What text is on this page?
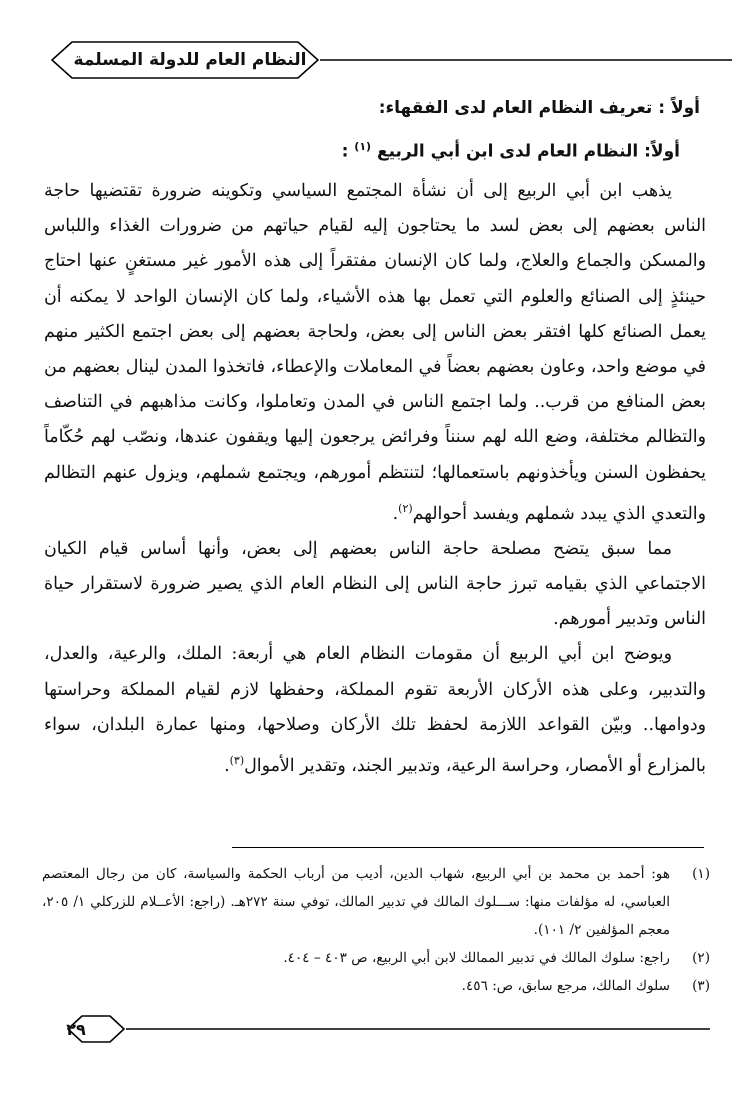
النظام العام للدولة المسلمة
أولاً : تعريف النظام العام لدى الفقهاء:
أولاً: النظام العام لدى ابن أبي الربيع $^{(١)}$ :

يذهب ابن أبي الربيع إلى أن نشأة المجتمع السياسي وتكوينه ضرورة تقتضيها حاجة الناس بعضهم إلى بعض لسد ما يحتاجون إليه لقيام حياتهم من ضرورات الغذاء واللباس والمسكن والجماع والعلاج، ولما كان الإنسان مفتقراً إلى هذه الأمور غير مستغنٍ عنها احتاج حينئذٍ إلى الصنائع والعلوم التي تعمل بها هذه الأشياء، ولما كان الإنسان الواحد لا يمكنه أن يعمل الصنائع كلها افتقر بعض الناس إلى بعض، ولحاجة بعضهم إلى بعض اجتمع الكثير منهم في موضع واحد، وعاون بعضهم بعضاً في المعاملات والإعطاء، فاتخذوا المدن لينال بعضهم من بعض المنافع من قرب.. ولما اجتمع الناس في المدن وتعاملوا، وكانت مذاهبهم في التناصف والتظالم مختلفة، وضع الله لهم سنناً وفرائض يرجعون إليها ويقفون عندها، ونصّب لهم حُكّاماً يحفظون السنن ويأخذونهم باستعمالها؛ لتنتظم أمورهم، ويجتمع شملهم، ويزول عنهم التظالم والتعدي الذي يبدد شملهم ويفسد أحوالهم$^{(٢)}$.

مما سبق يتضح مصلحة حاجة الناس بعضهم إلى بعض، وأنها أساس قيام الكيان الاجتماعي الذي بقيامه تبرز حاجة الناس إلى النظام العام الذي يصير ضرورة لاستقرار حياة الناس وتدبير أمورهم.

ويوضح ابن أبي الربيع أن مقومات النظام العام هي أربعة: الملك، والرعية، والعدل، والتدبير، وعلى هذه الأركان الأربعة تقوم المملكة، وحفظها لازم لقيام المملكة وحراستها ودوامها.. وبيّن القواعد اللازمة لحفظ تلك الأركان وصلاحها، ومنها عمارة البلدان، سواء بالمزارع أو الأمصار، وحراسة الرعية، وتدبير الجند، وتقدير الأموال$^{(٣)}$.

(١)
هو: أحمد بن محمد بن أبي الربيع، شهاب الدين، أديب من أرباب الحكمة والسياسة، كان من رجال المعتصم العباسي، له مؤلفات منها: ســـلوك المالك في تدبير المالك، توفي سنة ٢٧٢هـ. (راجع: الأعــلام للزركلي ١/ ٢٠٥، معجم المؤلفين ٢/ ١٠١).
(٢)
راجع: سلوك المالك في تدبير الممالك لابن أبي الربيع، ص ٤٠٣ – ٤٠٤.
(٣)
سلوك المالك، مرجع سابق، ص: ٤٥٦.
٢٩
